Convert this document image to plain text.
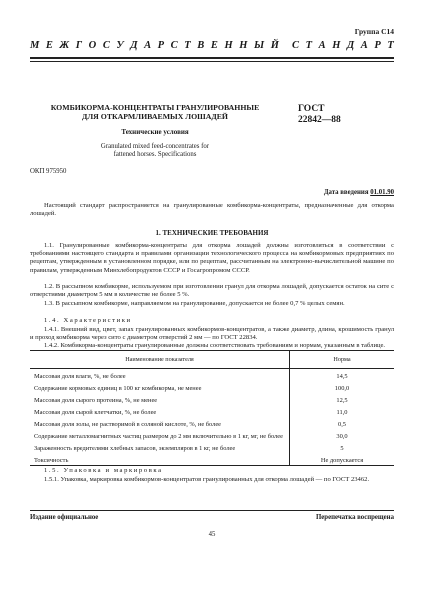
Группа С14
М Е Ж Г О С У Д А Р С Т В Е Н Н Ы Й С Т А Н Д А Р Т
КОМБИКОРМА-КОНЦЕНТРАТЫ ГРАНУЛИРОВАННЫЕ
ДЛЯ ОТКАРМЛИВАЕМЫХ ЛОШАДЕЙ
Технические условия
Granulated mixed feed-concentrates for
fattened horses. Specifications
ГОСТ
22842—88
ОКП 975950
Дата введения 01.01.90
Настоящий стандарт распространяется на гранулированные комбикорма-концентраты, предназначенные для откорма лошадей.
1. ТЕХНИЧЕСКИЕ ТРЕБОВАНИЯ
1.1. Гранулированные комбикорма-концентраты для откорма лошадей должны изготовляться в соответствии с требованиями настоящего стандарта и правилами организации технологического процесса на комбикормовых предприятиях по рецептам, утвержденным в установленном порядке, или по рецептам, рассчитанным на электронно-вычислительной машине по правилам, утвержденным Минхлебопродуктов СССР и Госагропромом СССР.
1.2. В рассыпном комбикорме, используемом при изготовлении гранул для откорма лошадей, допускается остаток на сите с отверстиями диаметром 5 мм в количестве не более 5 %.
1.3. В рассыпном комбикорме, направляемом на гранулирование, допускается не более 0,7 % целых семян.
1.4. Характеристики
1.4.1. Внешний вид, цвет, запах гранулированных комбикормов-концентратов, а также диаметр, длина, крошимость гранул и проход комбикорма через сито с диаметром отверстий 2 мм — по ГОСТ 22834.
1.4.2. Комбикорма-концентраты гранулированные должны соответствовать требованиям и нормам, указанным в таблице.
Наименование показателя	Норма
Массовая доля влаги, %, не более	14,5
Содержание кормовых единиц в 100 кг комбикорма, не менее	100,0
Массовая доля сырого протеина, %, не менее	12,5
Массовая доля сырой клетчатки, %, не более	11,0
Массовая доля золы, не растворимой в соляной кислоте, %, не более	0,5
Содержание металломагнитных частиц размером до 2 мм включительно в 1 кг, мг, не более	30,0
Зараженность вредителями хлебных запасов, экземпляров в 1 кг, не более	5
Токсичность	Не допускается
1.5. Упаковка и маркировка
1.5.1. Упаковка, маркировка комбикормов-концентратов гранулированных для откорма лошадей — по ГОСТ 23462.
Издание официальное	Перепечатка воспрещена
45
